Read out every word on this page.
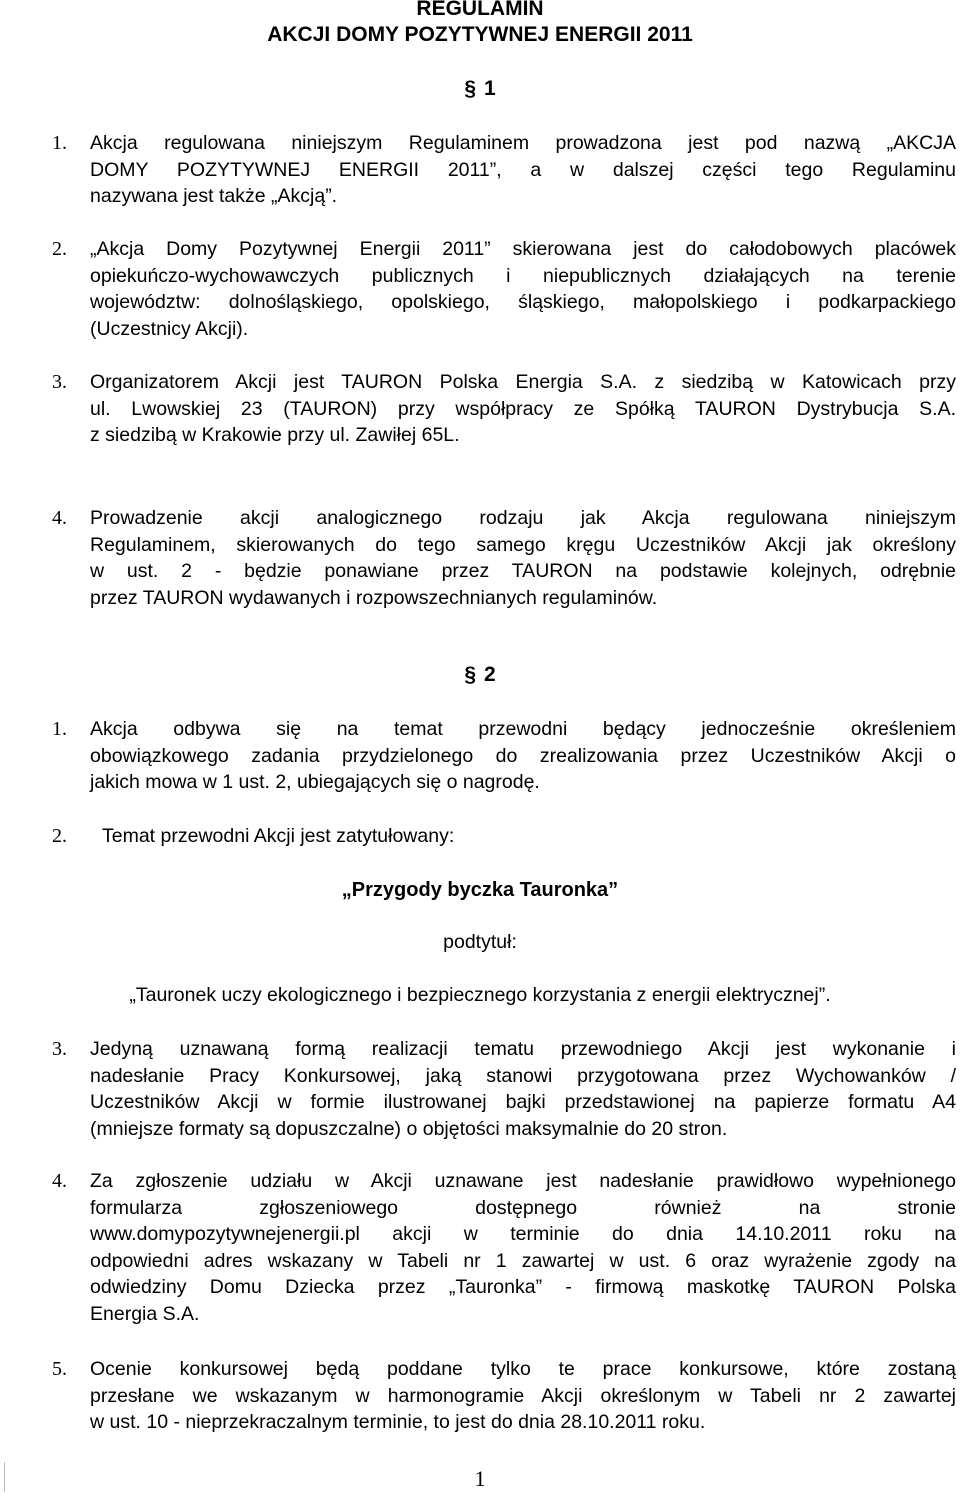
REGULAMIN
AKCJI DOMY POZYTYWNEJ ENERGII 2011
§ 1
1.	Akcja regulowana niniejszym Regulaminem prowadzona jest pod nazwą „AKCJA
DOMY POZYTYWNEJ ENERGII 2011”, a w dalszej części tego Regulaminu
nazywana jest także „Akcją”.
2.	„Akcja Domy Pozytywnej Energii 2011” skierowana jest do całodobowych placówek
opiekuńczo-wychowawczych publicznych i niepublicznych działających na terenie
województw: dolnośląskiego, opolskiego, śląskiego, małopolskiego i podkarpackiego
(Uczestnicy Akcji).
3.	Organizatorem Akcji jest TAURON Polska Energia S.A. z siedzibą w Katowicach przy
ul. Lwowskiej 23 (TAURON) przy współpracy ze Spółką TAURON Dystrybucja S.A.
z siedzibą w Krakowie przy ul. Zawiłej 65L.
4.	Prowadzenie akcji analogicznego rodzaju jak Akcja regulowana niniejszym
Regulaminem, skierowanych do tego samego kręgu Uczestników Akcji jak określony
w ust. 2 - będzie ponawiane przez TAURON na podstawie kolejnych, odrębnie
przez TAURON wydawanych i rozpowszechnianych regulaminów.
§ 2
1.	Akcja odbywa się na temat przewodni będący jednocześnie określeniem
obowiązkowego zadania przydzielonego do zrealizowania przez Uczestników Akcji o
jakich mowa w 1 ust. 2, ubiegających się o nagrodę.
2.	Temat przewodni Akcji jest zatytułowany:
„Przygody byczka Tauronka”
podtytuł:
„Tauronek uczy ekologicznego i bezpiecznego korzystania z energii elektrycznej”.
3.	Jedyną uznawaną formą realizacji tematu przewodniego Akcji jest wykonanie i
nadesłanie Pracy Konkursowej, jaką stanowi przygotowana przez Wychowanków /
Uczestników Akcji w formie ilustrowanej bajki przedstawionej na papierze formatu A4
(mniejsze formaty są dopuszczalne) o objętości maksymalnie do 20 stron.
4.	Za zgłoszenie udziału w Akcji uznawane jest nadesłanie prawidłowo wypełnionego
formularza zgłoszeniowego dostępnego również na stronie
www.domypozytywnejenergii.pl akcji w terminie do dnia 14.10.2011 roku na
odpowiedni adres wskazany w Tabeli nr 1 zawartej w ust. 6 oraz wyrażenie zgody na
odwiedziny Domu Dziecka przez „Tauronka” - firmową maskotkę TAURON Polska
Energia S.A.
5.	Ocenie konkursowej będą poddane tylko te prace konkursowe, które zostaną
przesłane we wskazanym w harmonogramie Akcji określonym w Tabeli nr 2 zawartej
w ust. 10 - nieprzekraczalnym terminie, to jest do dnia 28.10.2011 roku.
1
